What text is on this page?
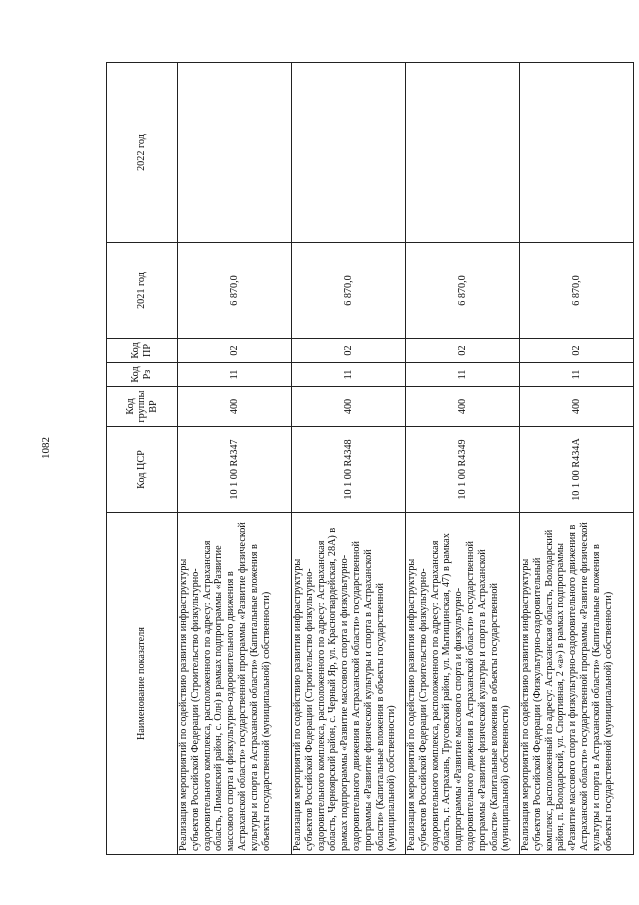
1082
Наименование показателя	Код ЦСР	Код группы ВР	Код Рз	Код ПР	2021 год	2022 год
Реализация мероприятий по содействию развития инфраструктуры субъектов Российской Федерации (Строительство физкультурно-оздоровительного комплекса, расположенного по адресу: Астраханская область, Лиманский район, с. Олн) в рамках подпрограммы «Развитие массового спорта и физкультурно-оздоровительного движения в Астраханской области» государственной программы «Развитие физической культуры и спорта в Астраханской области» (Капитальные вложения в объекты государственной (муниципальной) собственности)	10 1 00 R4347	400	11	02	6 870,0	
Реализация мероприятий по содействию развития инфраструктуры субъектов Российской Федерации (Строительство физкультурно-оздоровительного комплекса, расположенного по адресу: Астраханская область, Черноярский район, с. Черный Яр, ул. Красногвардейская, 28А) в рамках подпрограммы «Развитие массового спорта и физкультурно-оздоровительного движения в Астраханской области» государственной программы «Развитие физической культуры и спорта в Астраханской области» (Капитальные вложения в объекты государственной (муниципальной) собственности)	10 1 00 R4348	400	11	02	6 870,0	
Реализация мероприятий по содействию развития инфраструктуры субъектов Российской Федерации (Строительство физкультурно-оздоровительного комплекса, расположенного по адресу: Астраханская область, г. Астрахань, Трусовский район, ул. Мытищинская, 47) в рамках подпрограммы «Развитие массового спорта и физкультурно-оздоровительного движения в Астраханской области» государственной программы «Развитие физической культуры и спорта в Астраханской области» (Капитальные вложения в объекты государственной (муниципальной) собственности)	10 1 00 R4349	400	11	02	6 870,0	
Реализация мероприятий по содействию развития инфраструктуры субъектов Российской Федерации (Физкультурно-оздоровительный комплекс, расположенный по адресу: Астраханская область, Володарский район, п. Володарский, ул. Спортивная, 2 «а») в рамках подпрограммы «Развитие массового спорта и физкультурно-оздоровительного движения в Астраханской области» государственной программы «Развитие физической культуры и спорта в Астраханской области» (Капитальные вложения в объекты государственной (муниципальной) собственности)	10 1 00 R434A	400	11	02	6 870,0	
